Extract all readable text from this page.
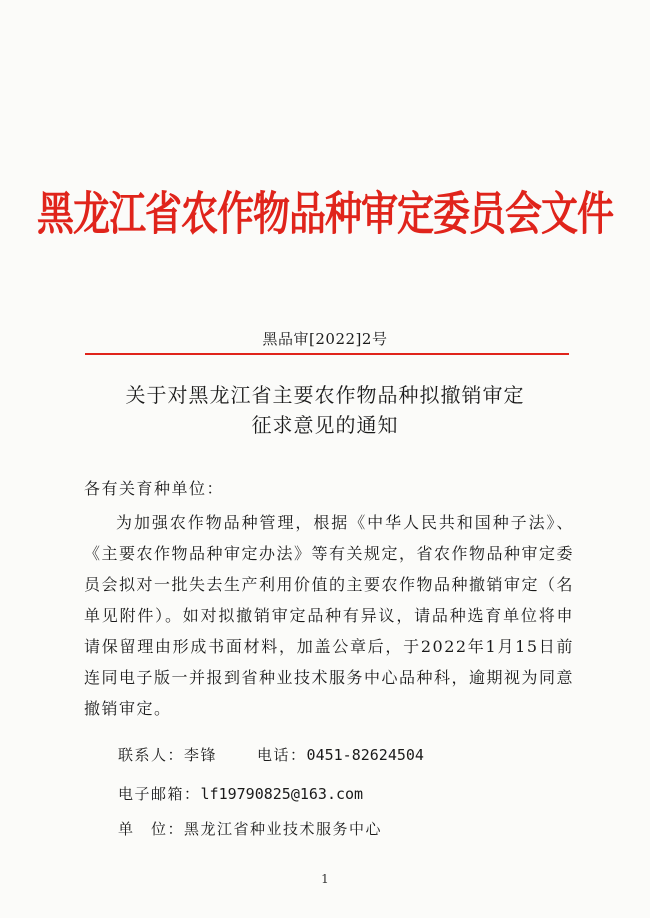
黑龙江省农作物品种审定委员会文件
黑品审[2022]2号
关于对黑龙江省主要农作物品种拟撤销审定
征求意见的通知
各有关育种单位：
为加强农作物品种管理，根据《中华人民共和国种子法》、《主要农作物品种审定办法》等有关规定，省农作物品种审定委员会拟对一批失去生产利用价值的主要农作物品种撤销审定（名单见附件）。如对拟撤销审定品种有异议，请品种选育单位将申请保留理由形成书面材料，加盖公章后，于2022年1月15日前连同电子版一并报到省种业技术服务中心品种科，逾期视为同意撤销审定。
联系人：李锋	电话：0451-82624504
电子邮箱：lf19790825@163.com
单　位：黑龙江省种业技术服务中心
1
